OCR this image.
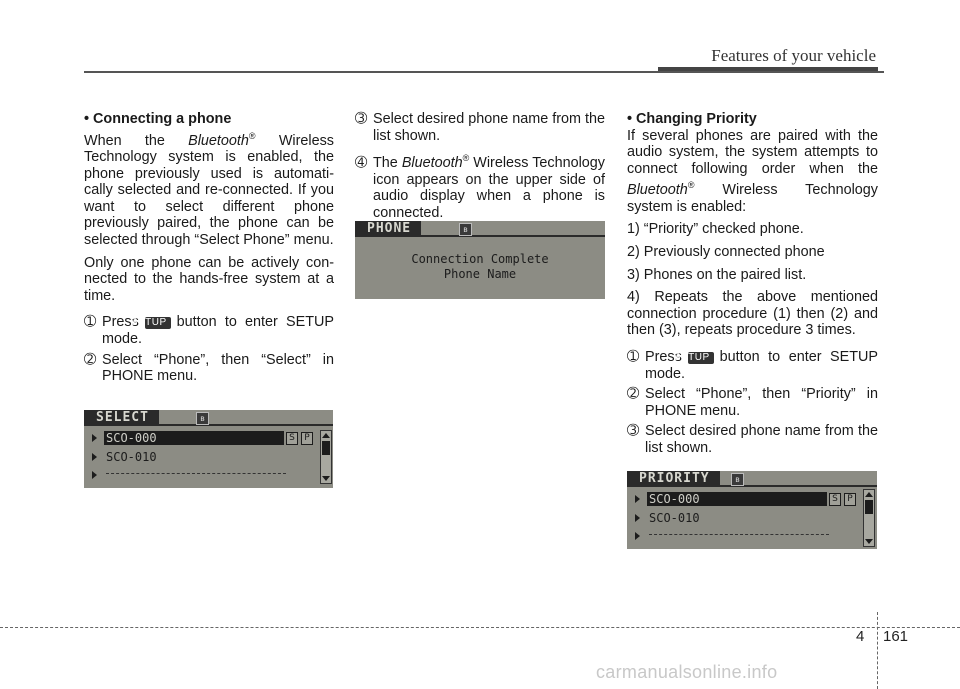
Features of your vehicle

• Connecting a phone

When the Bluetooth® Wireless Technology system is enabled, the phone previously used is automati-cally selected and re-connected. If you want to select different phone previously paired, the phone can be selected through “Select Phone” menu.

Only one phone can be actively con-nected to the hands-free system at a time.

➀ PressSETUP button to enter SETUP mode.

➁ Select “Phone”, then “Select” in PHONE menu.

SELECT	ʙ
SCO-000	S	P
SCO-010

➂ Select desired phone name from the list shown.

➃ The Bluetooth® Wireless Technology icon appears on the upper side of audio display when a phone is connected.

PHONE	ʙ
Connection Complete
Phone Name

• Changing Priority

If several phones are paired with the audio system, the system attempts to connect following order when the Bluetooth® Wireless Technology system is enabled:

1) “Priority” checked phone.

2) Previously connected phone

3) Phones on the paired list.

4) Repeats the above mentioned connection procedure (1) then (2) and then (3), repeats procedure 3 times.

➀ PressSETUP button to enter SETUP mode.

➁ Select “Phone”, then “Priority” in PHONE menu.

➂ Select desired phone name from the list shown.

PRIORITY	ʙ
SCO-000	S	P
SCO-010
4 161
carmanualsonline.info
